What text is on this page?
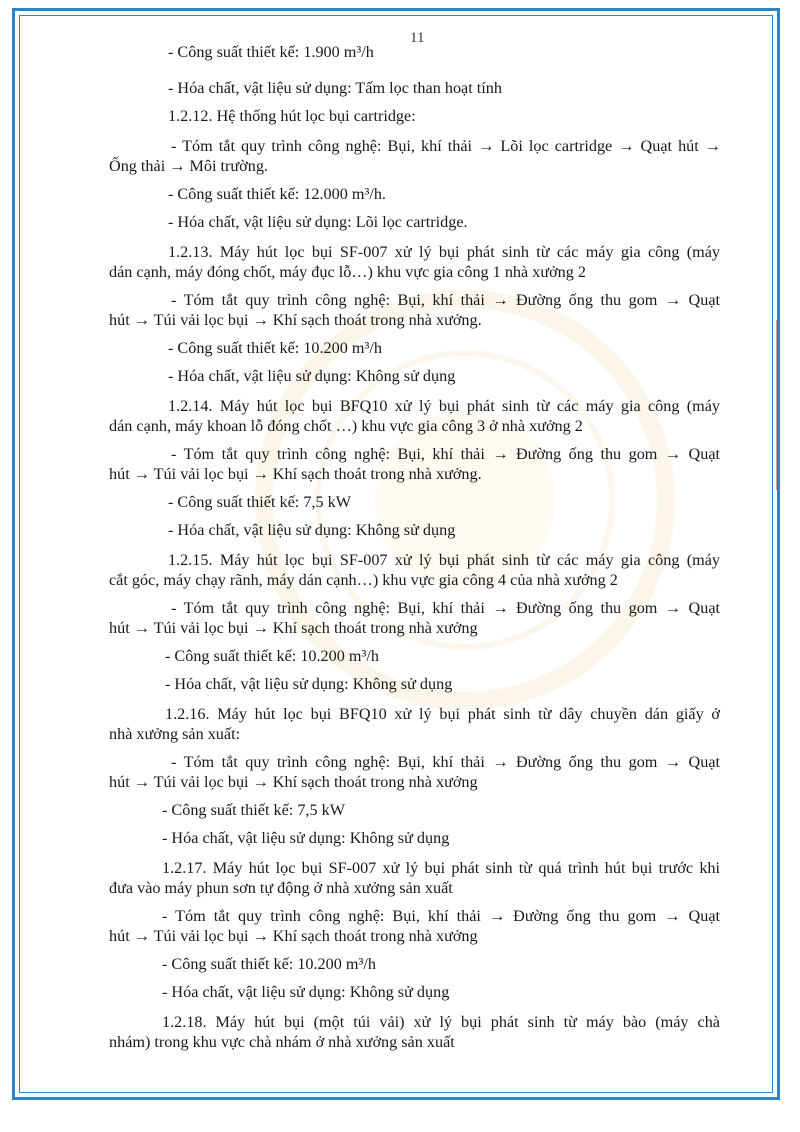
11
- Công suất thiết kế: 1.900 m³/h
- Hóa chất, vật liệu sử dụng: Tấm lọc than hoạt tính
1.2.12. Hệ thống hút lọc bụi cartridge:
- Tóm tắt quy trình công nghệ: Bụi, khí thải → Lõi lọc cartridge → Quạt hút →
Ống thải → Môi trường.
- Công suất thiết kế: 12.000 m³/h.
- Hóa chất, vật liệu sử dụng: Lõi lọc cartridge.
1.2.13. Máy hút lọc bụi SF-007 xử lý bụi phát sinh từ các máy gia công (máy
dán cạnh, máy đóng chốt, máy đục lỗ…) khu vực gia công 1 nhà xưởng 2
- Tóm tắt quy trình công nghệ: Bụi, khí thải → Đường ống thu gom → Quạt
hút → Túi vải lọc bụi → Khí sạch thoát trong nhà xưởng.
- Công suất thiết kế: 10.200 m³/h
- Hóa chất, vật liệu sử dụng: Không sử dụng
1.2.14. Máy hút lọc bụi BFQ10 xử lý bụi phát sinh từ các máy gia công (máy
dán cạnh, máy khoan lỗ đóng chốt …) khu vực gia công 3 ở nhà xưởng 2
- Tóm tắt quy trình công nghệ: Bụi, khí thải → Đường ống thu gom → Quạt
hút → Túi vải lọc bụi → Khí sạch thoát trong nhà xưởng.
- Công suất thiết kế: 7,5 kW
- Hóa chất, vật liệu sử dụng: Không sử dụng
1.2.15. Máy hút lọc bụi SF-007 xử lý bụi phát sinh từ các máy gia công (máy
cắt góc, máy chạy rãnh, máy dán cạnh…) khu vực gia công 4 của nhà xưởng 2
- Tóm tắt quy trình công nghệ: Bụi, khí thải → Đường ống thu gom → Quạt
hút → Túi vải lọc bụi → Khí sạch thoát trong nhà xưởng
- Công suất thiết kế: 10.200 m³/h
- Hóa chất, vật liệu sử dụng: Không sử dụng
1.2.16. Máy hút lọc bụi BFQ10 xử lý bụi phát sinh từ dây chuyền dán giấy ở
nhà xưởng sản xuất:
- Tóm tắt quy trình công nghệ: Bụi, khí thải → Đường ống thu gom → Quạt
hút → Túi vải lọc bụi → Khí sạch thoát trong nhà xưởng
- Công suất thiết kế: 7,5 kW
- Hóa chất, vật liệu sử dụng: Không sử dụng
1.2.17. Máy hút lọc bụi SF-007 xử lý bụi phát sinh từ quá trình hút bụi trước khi
đưa vào máy phun sơn tự động ở nhà xưởng sản xuất
- Tóm tắt quy trình công nghệ: Bụi, khí thải → Đường ống thu gom → Quạt
hút → Túi vải lọc bụi → Khí sạch thoát trong nhà xưởng
- Công suất thiết kế: 10.200 m³/h
- Hóa chất, vật liệu sử dụng: Không sử dụng
1.2.18. Máy hút bụi (một túi vải) xử lý bụi phát sinh từ máy bào (máy chà
nhám) trong khu vực chà nhám ở nhà xưởng sản xuất
